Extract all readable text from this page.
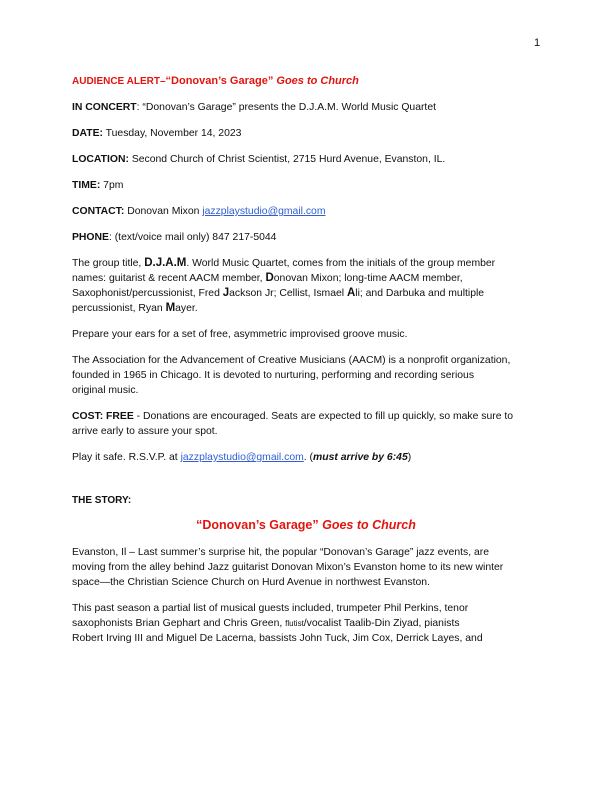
1

AUDIENCE ALERT–“Donovan’s Garage” Goes to Church

IN CONCERT: “Donovan’s Garage” presents the D.J.A.M. World Music Quartet

DATE: Tuesday, November 14, 2023

LOCATION: Second Church of Christ Scientist, 2715 Hurd Avenue, Evanston, IL.

TIME: 7pm

CONTACT: Donovan Mixon jazzplaystudio@gmail.com

PHONE: (text/voice mail only) 847 217-5044

The group title, D.J.A.M. World Music Quartet, comes from the initials of the group member

names: guitarist & recent AACM member, Donovan Mixon; long-time AACM member,

Saxophonist/percussionist, Fred Jackson Jr; Cellist, Ismael Ali; and Darbuka and multiple

percussionist, Ryan Mayer.

Prepare your ears for a set of free, asymmetric improvised groove music.

The Association for the Advancement of Creative Musicians (AACM) is a nonprofit organization,

founded in 1965 in Chicago. It is devoted to nurturing, performing and recording serious

original music.

COST: FREE - Donations are encouraged. Seats are expected to fill up quickly, so make sure to

arrive early to assure your spot.

Play it safe. R.S.V.P. at jazzplaystudio@gmail.com. (must arrive by 6:45)

THE STORY:

“Donovan’s Garage” Goes to Church

Evanston, Il – Last summer’s surprise hit, the popular “Donovan’s Garage” jazz events, are

moving from the alley behind Jazz guitarist Donovan Mixon’s Evanston home to its new winter

space—the Christian Science Church on Hurd Avenue in northwest Evanston.

This past season a partial list of musical guests included, trumpeter Phil Perkins, tenor

saxophonists Brian Gephart and Chris Green, flutist/vocalist Taalib-Din Ziyad, pianists

Robert Irving III and Miguel De Lacerna, bassists John Tuck, Jim Cox, Derrick Layes, and
